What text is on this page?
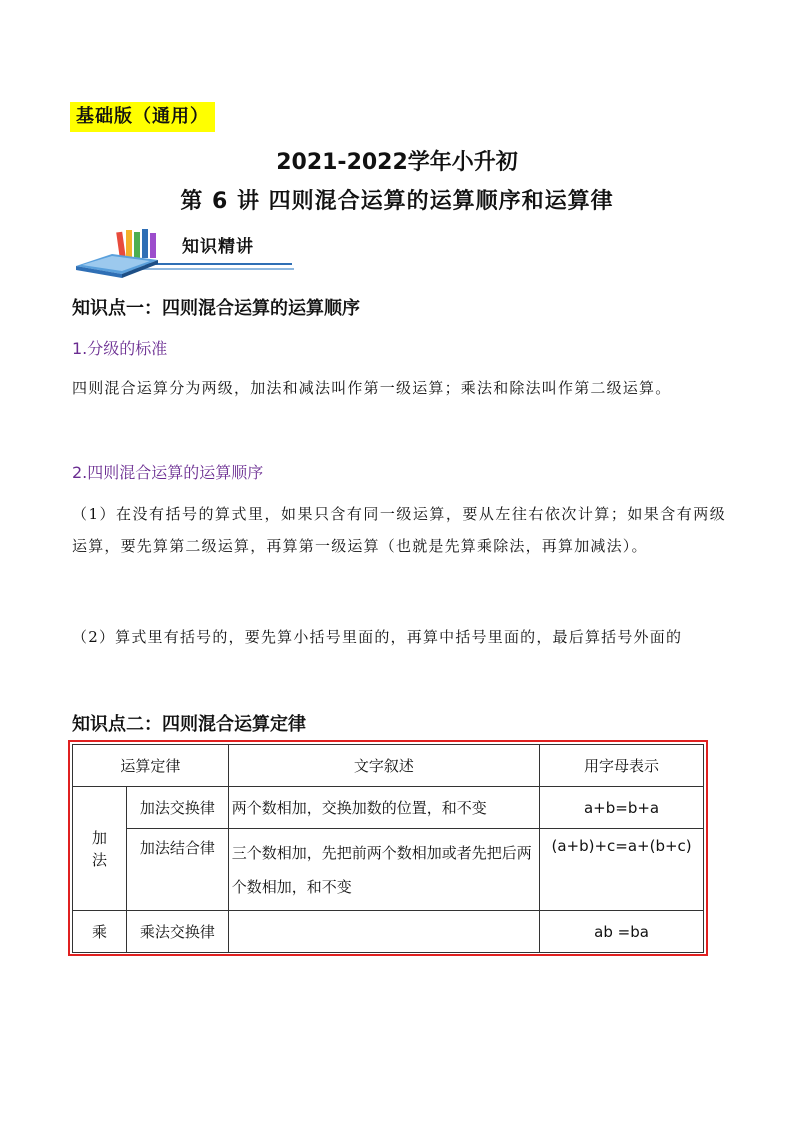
基础版（通用）
2021-2022学年小升初
第 6 讲 四则混合运算的运算顺序和运算律
知识精讲
知识点一：四则混合运算的运算顺序
1.分级的标准
四则混合运算分为两级，加法和减法叫作第一级运算；乘法和除法叫作第二级运算。
2.四则混合运算的运算顺序
（1）在没有括号的算式里，如果只含有同一级运算，要从左往右依次计算；如果含有两级运算，要先算第二级运算，再算第一级运算（也就是先算乘除法，再算加减法）。
（2）算式里有括号的，要先算小括号里面的，再算中括号里面的，最后算括号外面的
知识点二：四则混合运算定律
运算定律		文字叙述	用字母表示
加法	加法交换律	两个数相加，交换加数的位置，和不变	a+b=b+a
	加法结合律	三个数相加，先把前两个数相加或者先把后两个数相加，和不变	(a+b)+c=a+(b+c)
乘	乘法交换律		ab =ba
